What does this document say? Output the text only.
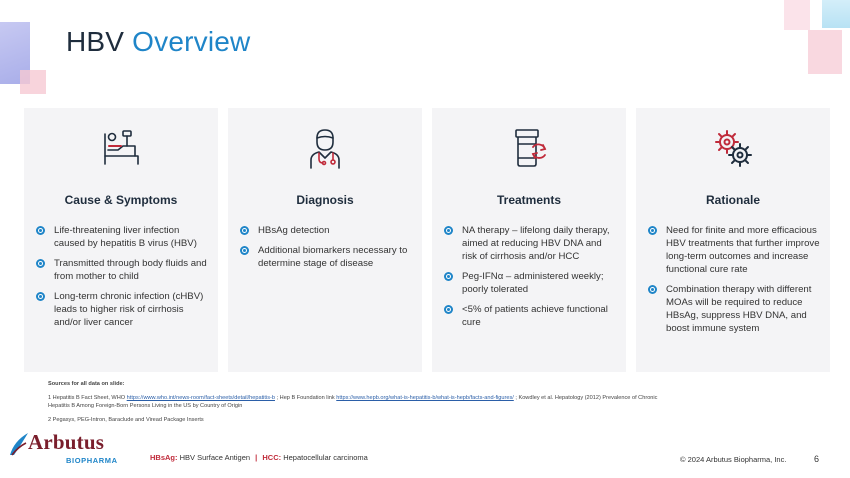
HBV Overview
Cause & Symptoms
Life-threatening liver infection caused by hepatitis B virus (HBV)
Transmitted through body fluids and from mother to child
Long-term chronic infection (cHBV) leads to higher risk of cirrhosis and/or liver cancer
Diagnosis
HBsAg detection
Additional biomarkers necessary to determine stage of disease
Treatments
NA therapy – lifelong daily therapy, aimed at reducing HBV DNA and risk of cirrhosis and/or HCC
Peg-IFNα – administered weekly; poorly tolerated
<5% of patients achieve functional cure
Rationale
Need for finite and more efficacious HBV treatments that further improve long-term outcomes and increase functional cure rate
Combination therapy with different MOAs will be required to reduce HBsAg, suppress HBV DNA, and boost immune system
Sources for all data on slide:
1 Hepatitis B Fact Sheet, WHO https://www.who.int/news-room/fact-sheets/detail/hepatitis-b ; Hep B Foundation link https://www.hepb.org/what-is-hepatitis-b/what-is-hepb/facts-and-figures/ ; Kowdley et al. Hepatology (2012) Prevalence of Chronic Hepatitis B Among Foreign-Born Persons Living in the US by Country of Origin
2 Pegasys, PEG-Intron, Baraclude and Viread Package Inserts
Arbutus
BIOPHARMA	HBsAg: HBV Surface Antigen | HCC: Hepatocellular carcinoma	© 2024 Arbutus Biopharma, Inc.	6
